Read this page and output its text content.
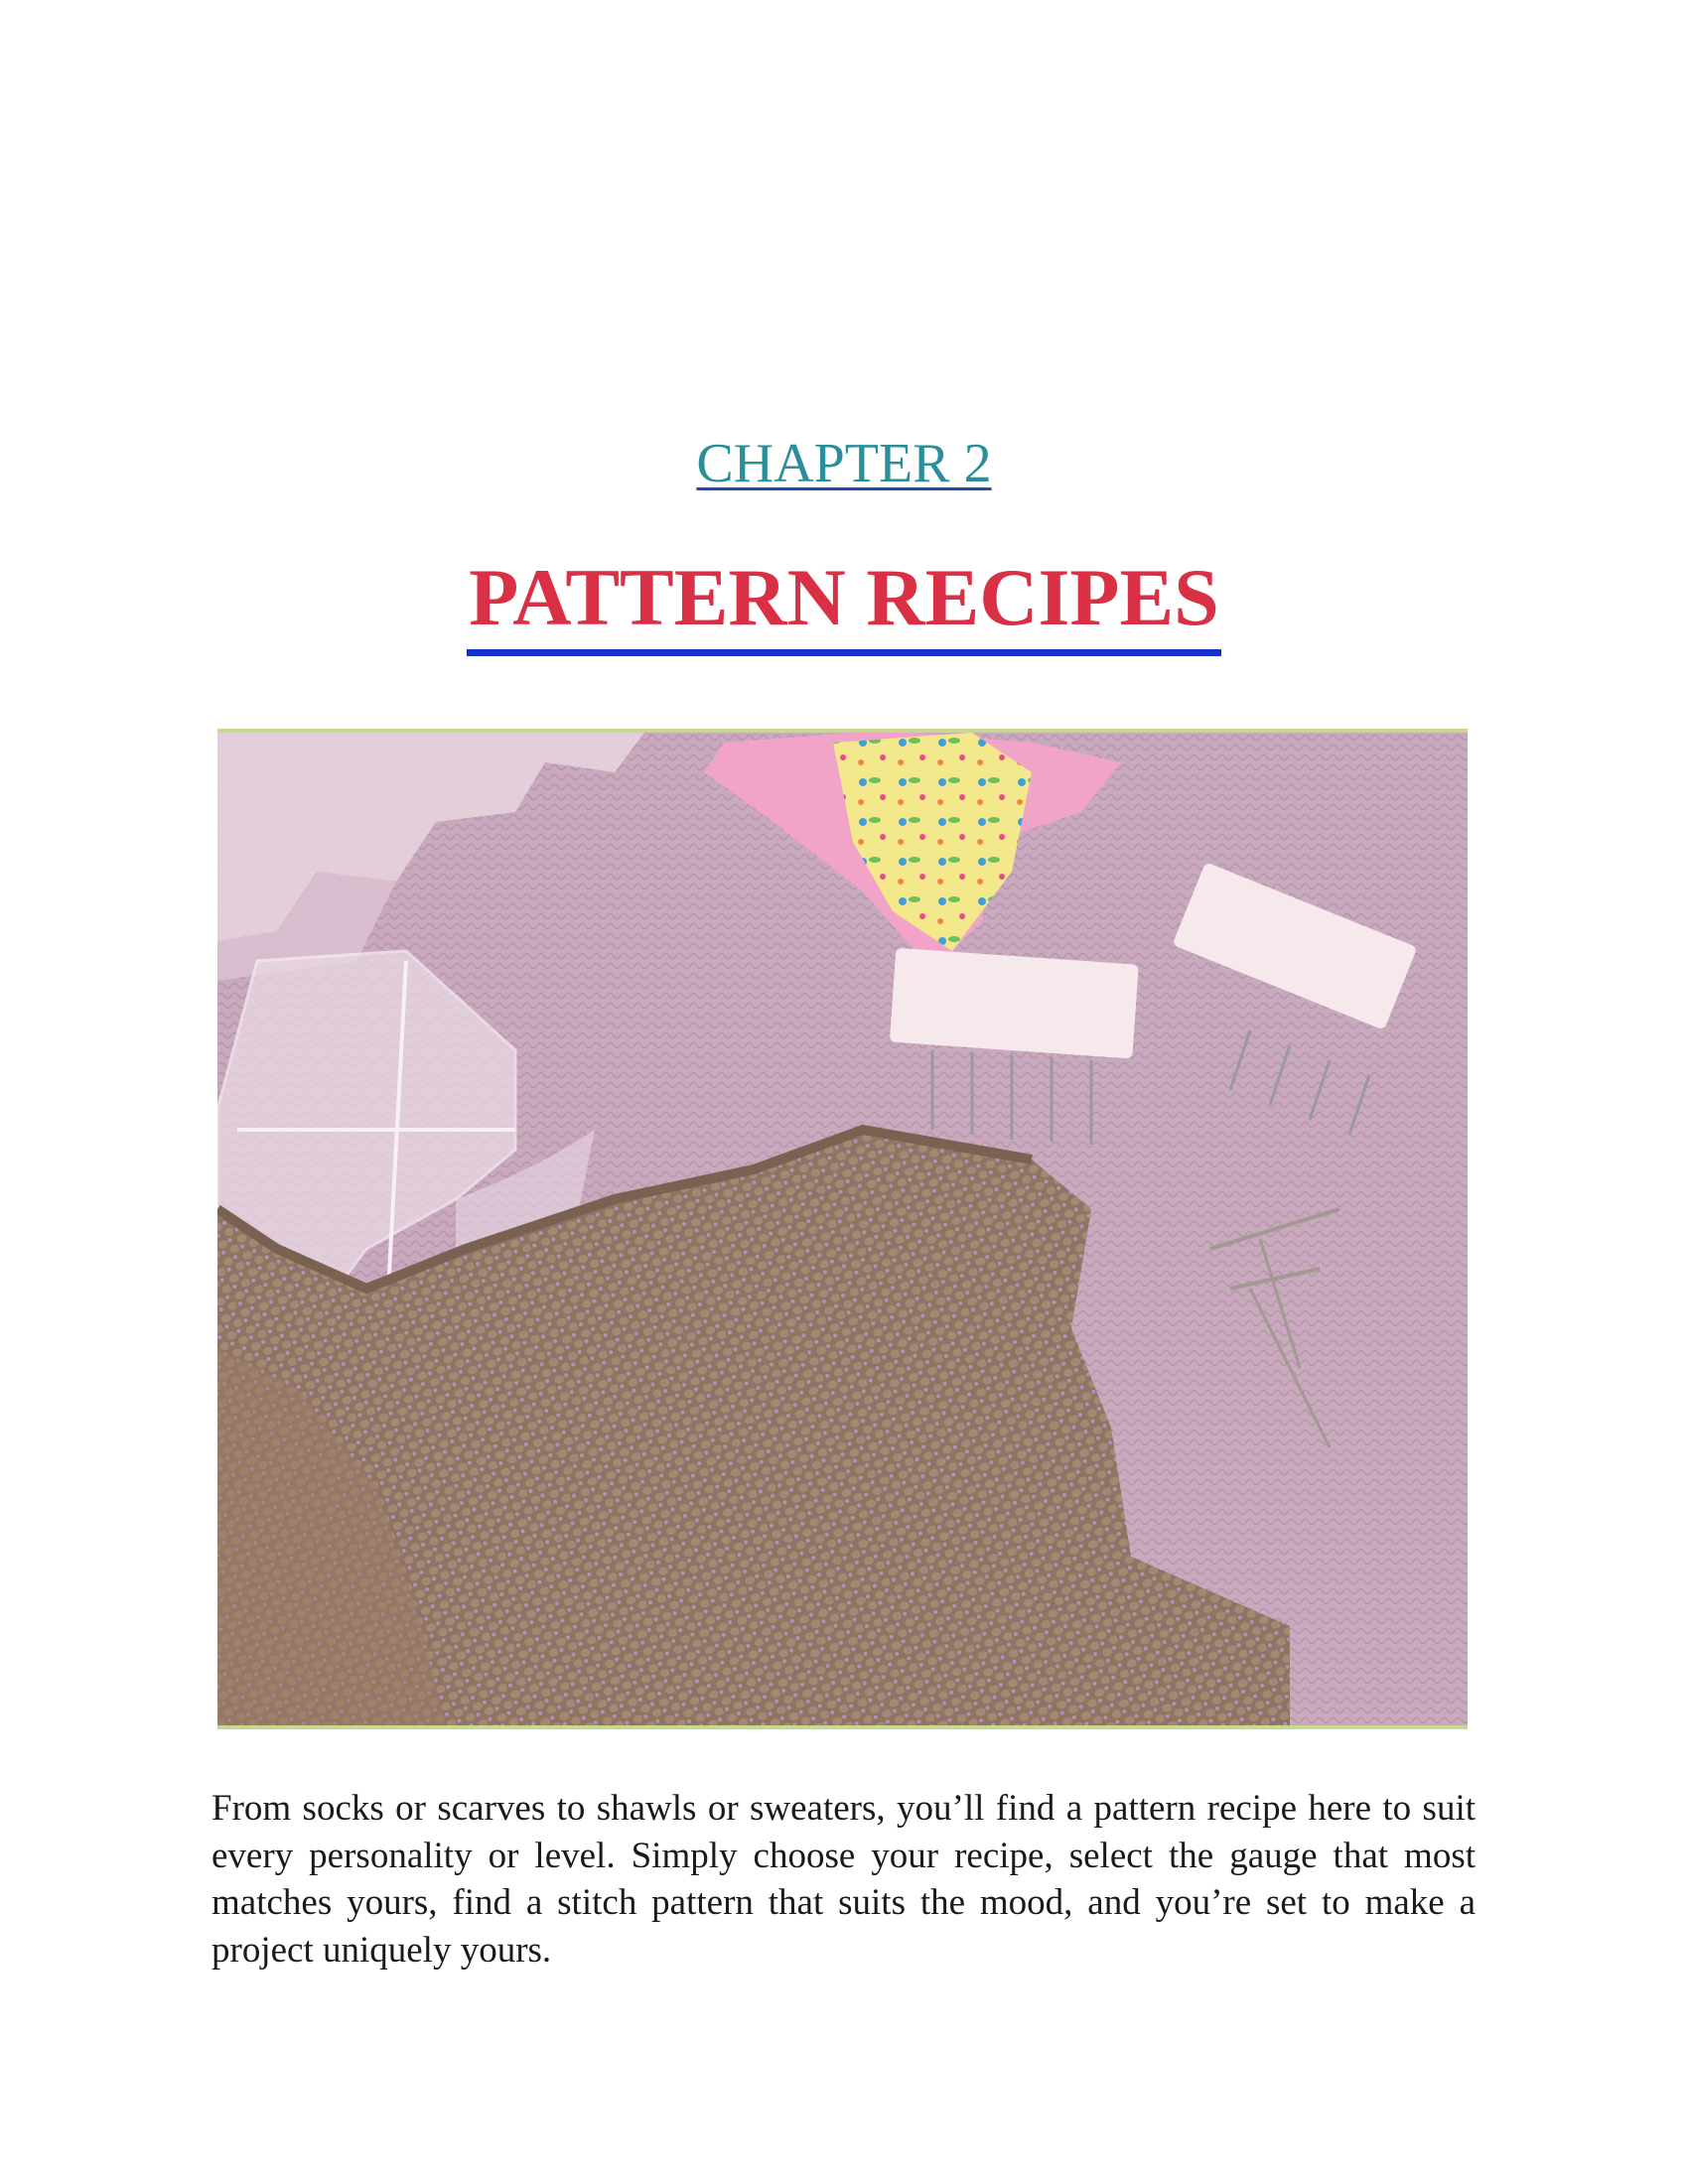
CHAPTER 2
PATTERN RECIPES
From socks or scarves to shawls or sweaters, you’ll find a pattern recipe here to suit every personality or level. Simply choose your recipe, select the gauge that most matches yours, find a stitch pattern that suits the mood, and you’re set to make a project uniquely yours.
